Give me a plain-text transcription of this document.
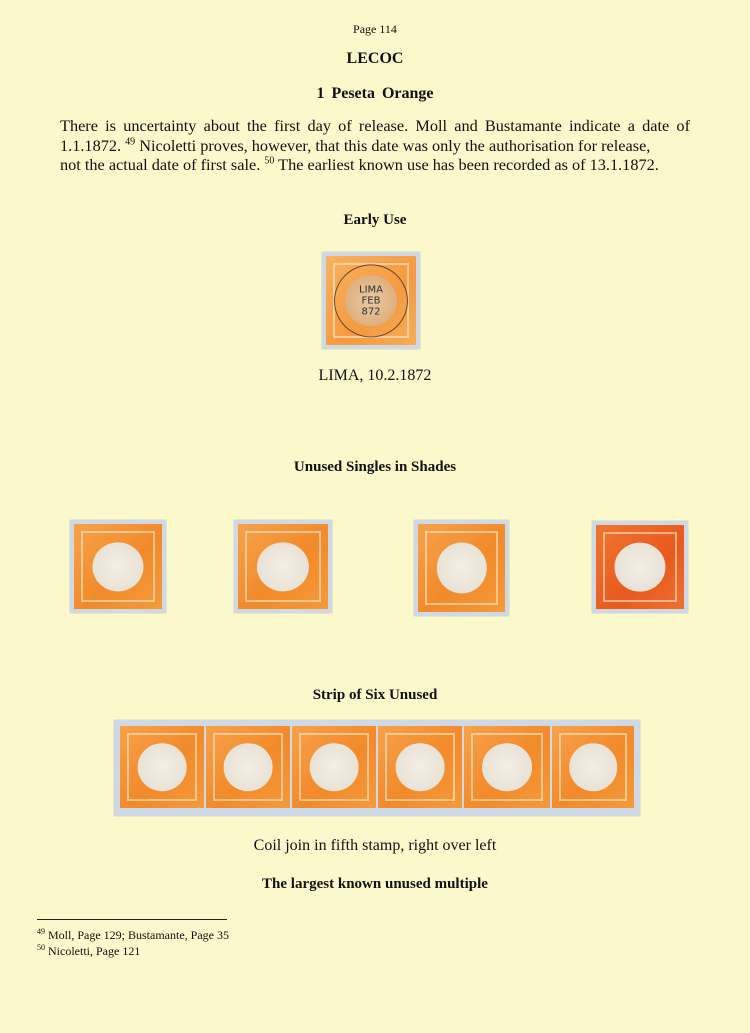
Page 114
LECOC
1 Peseta Orange
There is uncertainty about the first day of release. Moll and Bustamante indicate a date of 1.1.1872. $^{49}$ Nicoletti proves, however, that this date was only the authorisation for release,
not the actual date of first sale. $^{50}$ The earliest known use has been recorded as of 13.1.1872.
Early Use
LIMA
FEB
872
LIMA, 10.2.1872
Unused Singles in Shades
Strip of Six Unused
Coil join in fifth stamp, right over left
The largest known unused multiple
$^{49}$ Moll, Page 129; Bustamante, Page 35
$^{50}$ Nicoletti, Page 121
